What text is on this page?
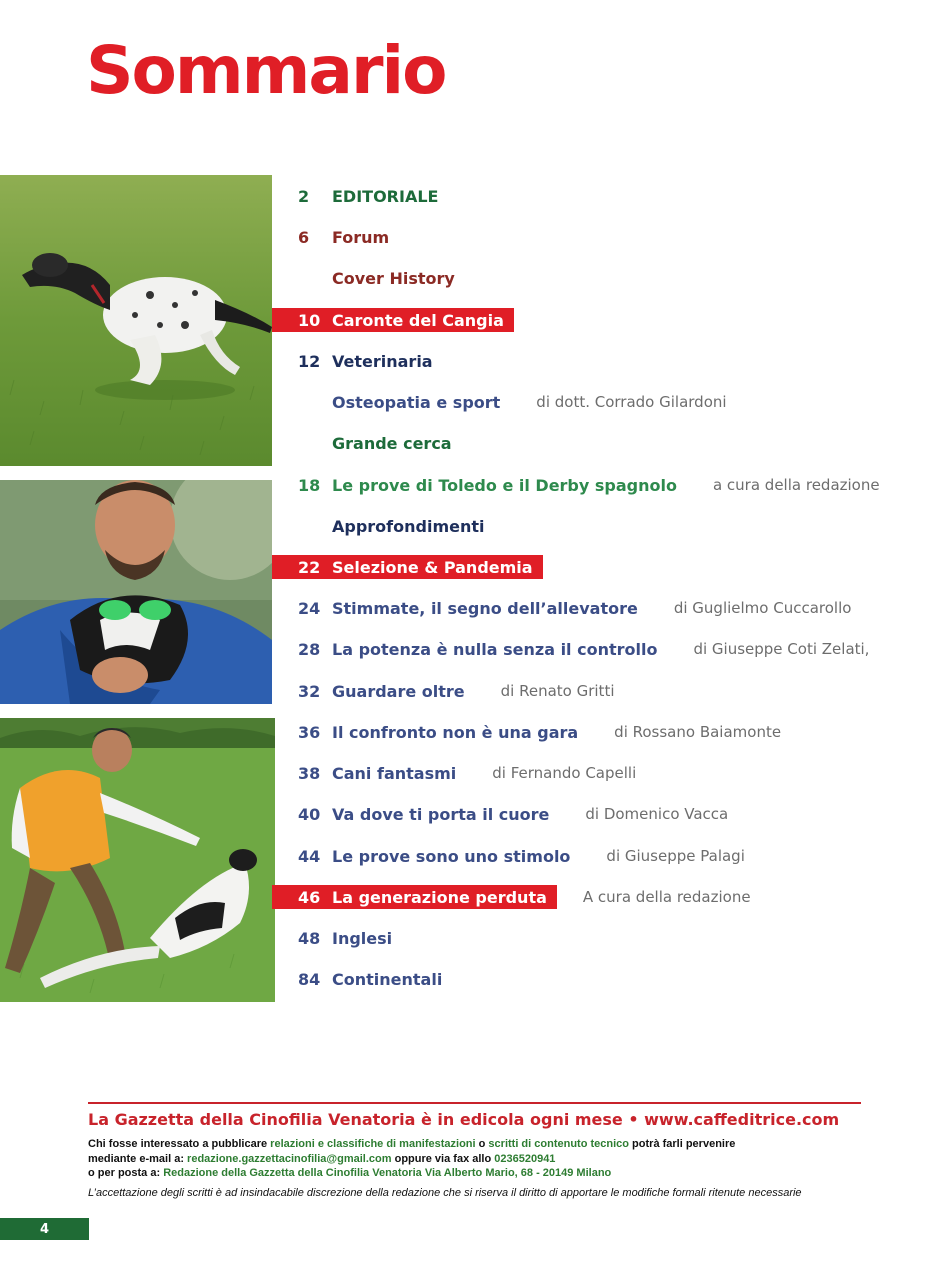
Sommario
2	EDITORIALE
6	Forum
Cover History
10 Caronte del Cangia
12 Veterinaria
Osteopatia e sport	di dott. Corrado Gilardoni
Grande cerca
18 Le prove di Toledo e il Derby spagnolo	a cura della redazione
Approfondimenti
22 Selezione & Pandemia
24 Stimmate, il segno dell’allevatore	di Guglielmo Cuccarollo
28 La potenza è nulla senza il controllo	di Giuseppe Coti Zelati,
32 Guardare oltre	di Renato Gritti
36 Il confronto non è una gara	di Rossano Baiamonte
38 Cani fantasmi	di Fernando Capelli
40 Va dove ti porta il cuore	di Domenico Vacca
44 Le prove sono uno stimolo	di Giuseppe Palagi
46 La generazione perduta	A cura della redazione
48 Inglesi
84 Continentali
La Gazzetta della Cinofilia Venatoria è in edicola ogni mese • www.caffeditrice.com
Chi fosse interessato a pubblicare relazioni e classifiche di manifestazioni o scritti di contenuto tecnico potrà farli pervenire
mediante e-mail a: redazione.gazzettacinofilia@gmail.com oppure via fax allo 0236520941
o per posta a: Redazione della Gazzetta della Cinofilia Venatoria Via Alberto Mario, 68 - 20149 Milano
L’accettazione degli scritti è ad insindacabile discrezione della redazione che si riserva il diritto di apportare le modifiche formali ritenute necessarie
4
